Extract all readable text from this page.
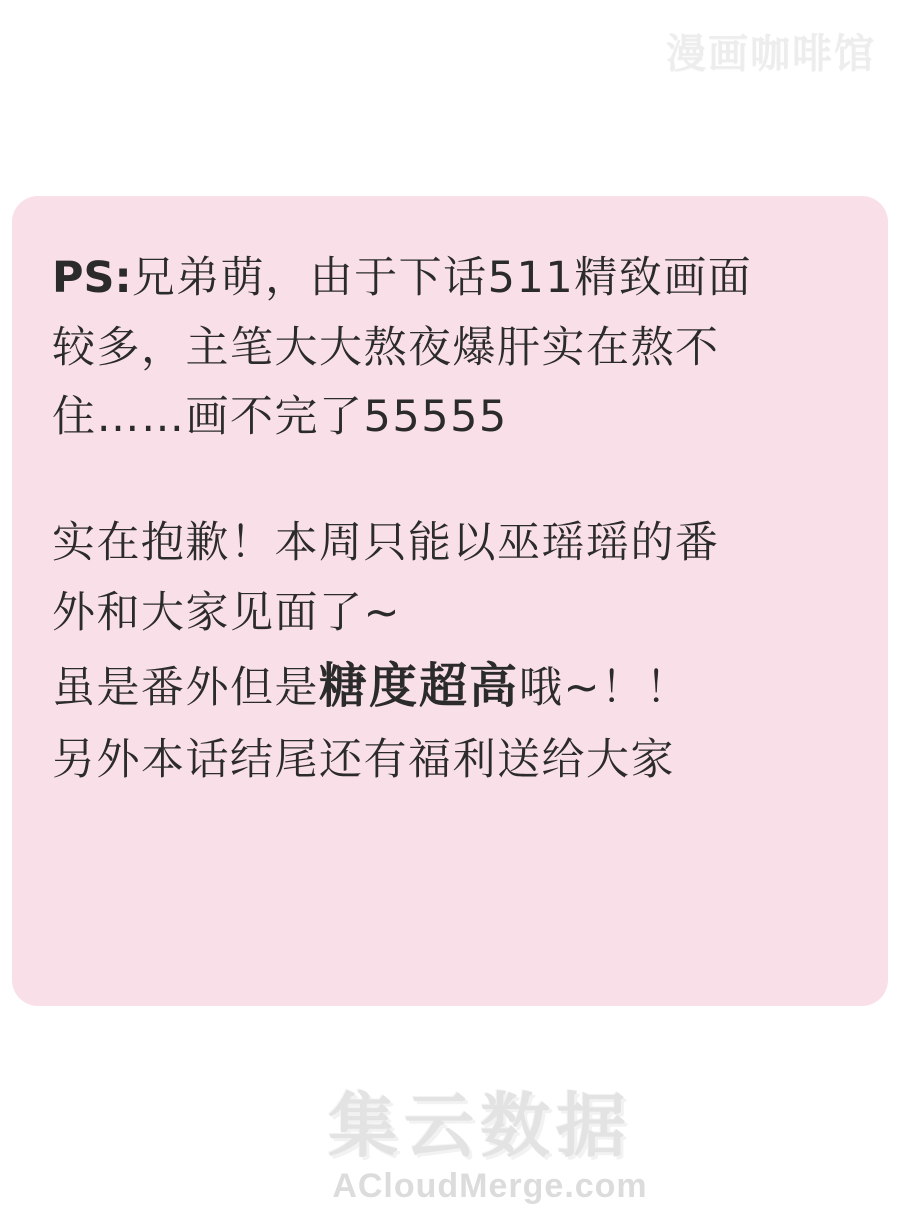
漫画咖啡馆
PS:兄弟萌，由于下话511精致画面
较多，主笔大大熬夜爆肝实在熬不
住……画不完了55555
实在抱歉！本周只能以巫瑶瑶的番
外和大家见面了~
虽是番外但是糖度超高哦~！！
另外本话结尾还有福利送给大家
集云数据
ACloudMerge.com
